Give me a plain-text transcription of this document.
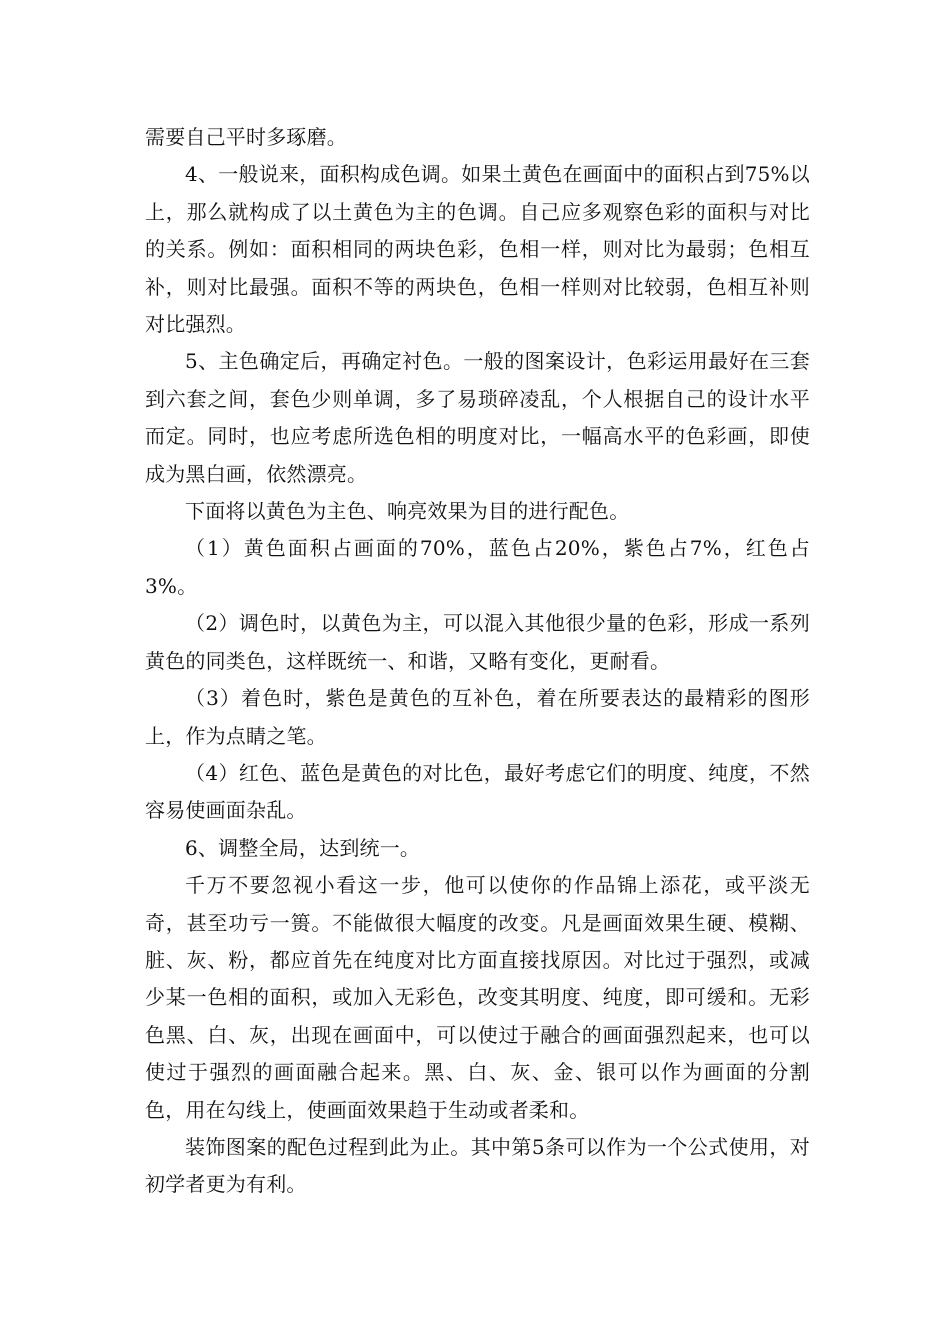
需要自己平时多琢磨。

4、一般说来，面积构成色调。如果土黄色在画面中的面积占到75%以上，那么就构成了以土黄色为主的色调。自己应多观察色彩的面积与对比的关系。例如：面积相同的两块色彩，色相一样，则对比为最弱；色相互补，则对比最强。面积不等的两块色，色相一样则对比较弱，色相互补则对比强烈。

5、主色确定后，再确定衬色。一般的图案设计，色彩运用最好在三套到六套之间，套色少则单调，多了易琐碎凌乱，个人根据自己的设计水平而定。同时，也应考虑所选色相的明度对比，一幅高水平的色彩画，即使成为黑白画，依然漂亮。

下面将以黄色为主色、响亮效果为目的进行配色。

（1）黄色面积占画面的70%，蓝色占20%，紫色占7%，红色占3%。

（2）调色时，以黄色为主，可以混入其他很少量的色彩，形成一系列黄色的同类色，这样既统一、和谐，又略有变化，更耐看。

（3）着色时，紫色是黄色的互补色，着在所要表达的最精彩的图形上，作为点睛之笔。

（4）红色、蓝色是黄色的对比色，最好考虑它们的明度、纯度，不然容易使画面杂乱。

6、调整全局，达到统一。

千万不要忽视小看这一步，他可以使你的作品锦上添花，或平淡无奇，甚至功亏一篑。不能做很大幅度的改变。凡是画面效果生硬、模糊、脏、灰、粉，都应首先在纯度对比方面直接找原因。对比过于强烈，或减少某一色相的面积，或加入无彩色，改变其明度、纯度，即可缓和。无彩色黑、白、灰，出现在画面中，可以使过于融合的画面强烈起来，也可以使过于强烈的画面融合起来。黑、白、灰、金、银可以作为画面的分割色，用在勾线上，使画面效果趋于生动或者柔和。

装饰图案的配色过程到此为止。其中第5条可以作为一个公式使用，对初学者更为有利。
